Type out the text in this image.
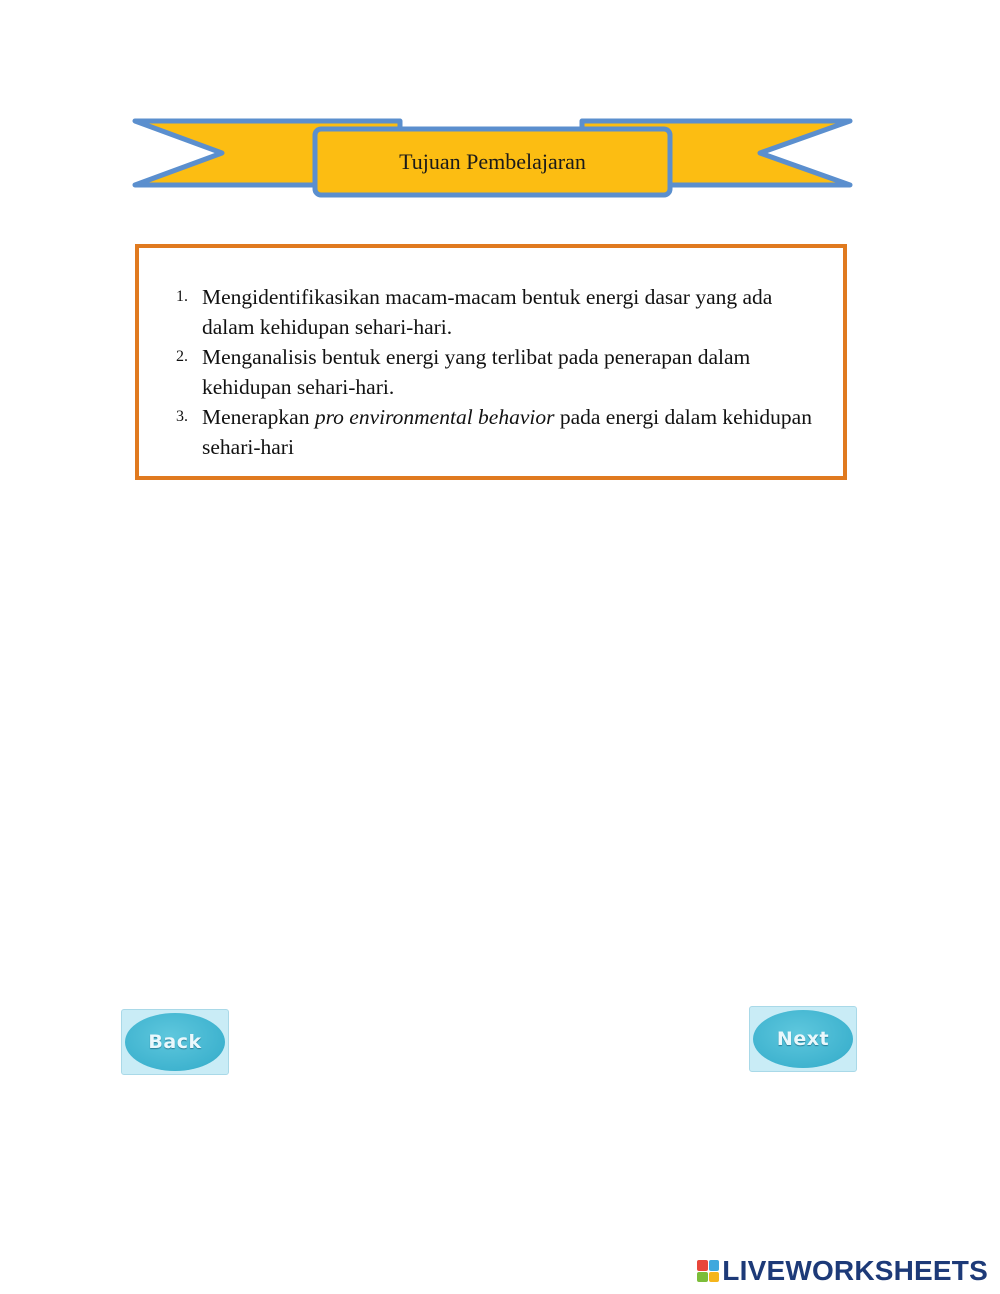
Tujuan Pembelajaran
1. Mengidentifikasikan macam-macam bentuk energi dasar yang ada dalam kehidupan sehari-hari.
2. Menganalisis bentuk energi yang terlibat pada penerapan dalam kehidupan sehari-hari.
3. Menerapkan pro environmental behavior pada energi dalam kehidupan sehari-hari
Back	Next
LIVEWORKSHEETS
